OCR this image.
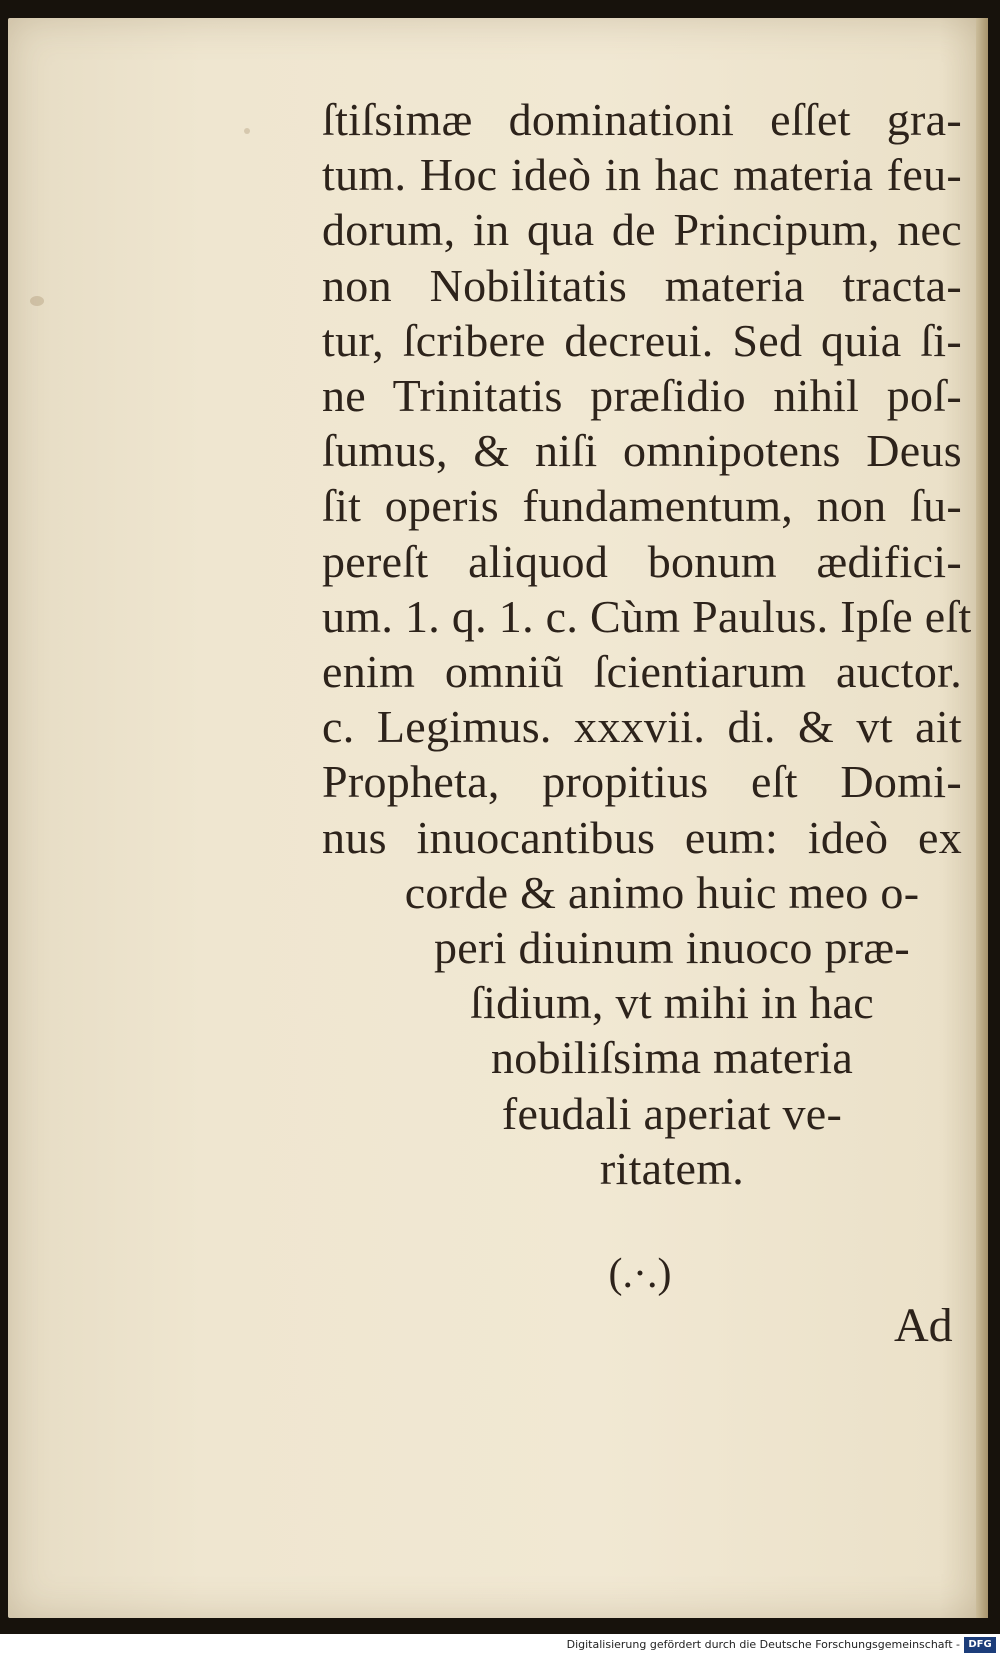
ſtiſsimæ dominationi eſſet gra-
tum. Hoc ideò in hac materia feu-
dorum, in qua de Principum, nec
non Nobilitatis materia tracta-
tur, ſcribere decreui. Sed quia ſi-
ne Trinitatis præſidio nihil poſ-
ſumus, & niſi omnipotens Deus
ſit operis fundamentum, non ſu-
pereſt aliquod bonum ædifici-
um. 1. q. 1. c. Cùm Paulus. Ipſe eſt
enim omniũ ſcientiarum auctor.
c. Legimus. xxxvii. di. & vt ait
Propheta, propitius eſt Domi-
nus inuocantibus eum: ideò ex
corde & animo huic meo o-
peri diuinum inuoco præ-
ſidium, vt mihi in hac
nobiliſsima materia
feudali aperiat ve-
ritatem.
(.·.)
Ad
Digitalisierung gefördert durch die Deutsche Forschungsgemeinschaft - DFG
